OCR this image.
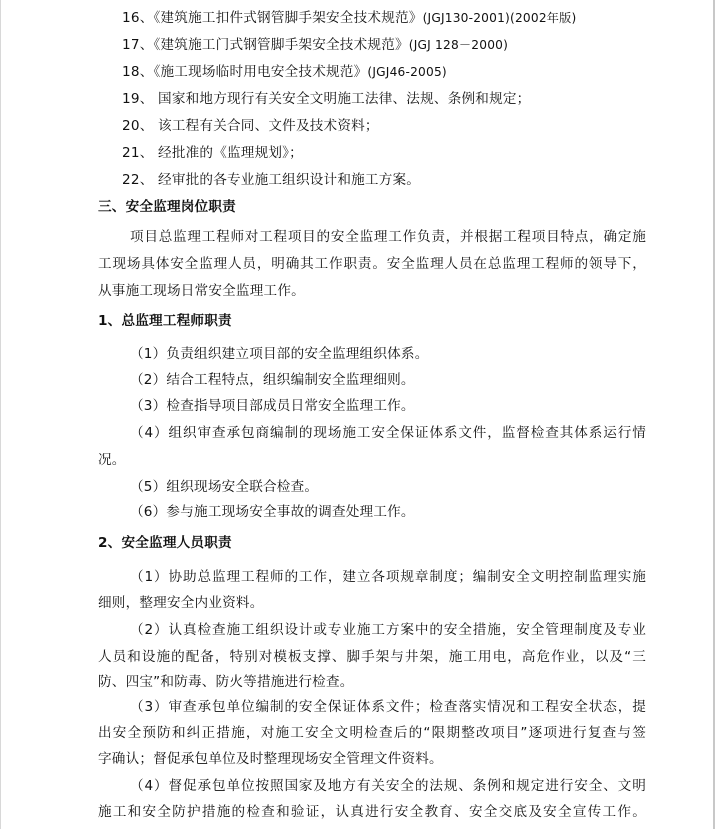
16、《建筑施工扣件式钢管脚手架安全技术规范》(JGJ130-2001)(2002年版)
17、《建筑施工门式钢管脚手架安全技术规范》(JGJ 128－2000)
18、《施工现场临时用电安全技术规范》(JGJ46-2005)
19、 国家和地方现行有关安全文明施工法律、法规、条例和规定；
20、 该工程有关合同、文件及技术资料；
21、 经批准的《监理规划》；
22、 经审批的各专业施工组织设计和施工方案。
三、安全监理岗位职责
项目总监理工程师对工程项目的安全监理工作负责，并根据工程项目特点，确定施
工现场具体安全监理人员，明确其工作职责。安全监理人员在总监理工程师的领导下，
从事施工现场日常安全监理工作。
1、总监理工程师职责
（1）负责组织建立项目部的安全监理组织体系。
（2）结合工程特点，组织编制安全监理细则。
（3）检查指导项目部成员日常安全监理工作。
（4）组织审查承包商编制的现场施工安全保证体系文件，监督检查其体系运行情
况。
（5）组织现场安全联合检查。
（6）参与施工现场安全事故的调查处理工作。
2、安全监理人员职责
（1）协助总监理工程师的工作，建立各项规章制度；编制安全文明控制监理实施
细则，整理安全内业资料。
（2）认真检查施工组织设计或专业施工方案中的安全措施，安全管理制度及专业
人员和设施的配备，特别对模板支撑、脚手架与井架，施工用电，高危作业，以及“三
防、四宝”和防毒、防火等措施进行检查。
（3）审查承包单位编制的安全保证体系文件；检查落实情况和工程安全状态，提
出安全预防和纠正措施，对施工安全文明检查后的“限期整改项目”逐项进行复查与签
字确认；督促承包单位及时整理现场安全管理文件资料。
（4）督促承包单位按照国家及地方有关安全的法规、条例和规定进行安全、文明
施工和安全防护措施的检查和验证，认真进行安全教育、安全交底及安全宣传工作。
